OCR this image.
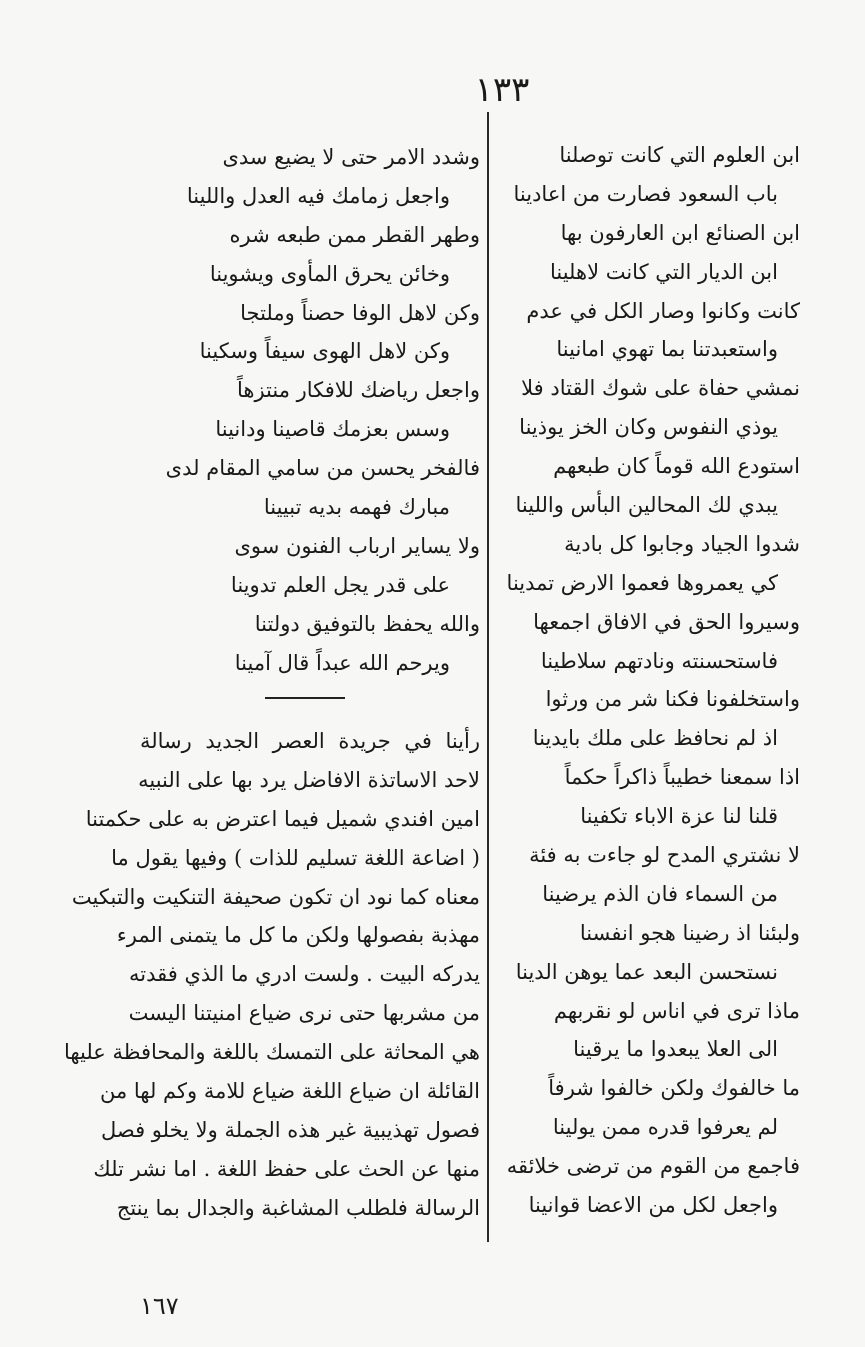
١٣٣
ابن العلوم التي كانت توصلنا
باب السعود فصارت من اعادينا
ابن الصنائع ابن العارفون بها
ابن الديار التي كانت لاهلينا
كانت وكانوا وصار الكل في عدم
واستعبدتنا بما تهوي امانينا
نمشي حفاة على شوك القتاد فلا
يوذي النفوس وكان الخز يوذينا
استودع الله قوماً كان طبعهم
يبدي لك المحالين البأس واللينا
شدوا الجياد وجابوا كل بادية
كي يعمروها فعموا الارض تمدينا
وسيروا الحق في الافاق اجمعها
فاستحسنته ونادتهم سلاطينا
واستخلفونا فكنا شر من ورثوا
اذ لم نحافظ على ملك بايدينا
اذا سمعنا خطيباً ذاكراً حكماً
قلنا لنا عزة الاباء تكفينا
لا نشتري المدح لو جاءت به فئة
من السماء فان الذم يرضينا
ولبئنا اذ رضينا هجو انفسنا
نستحسن البعد عما يوهن الدينا
ماذا ترى في اناس لو نقربهم
الى العلا يبعدوا ما يرقينا
ما خالفوك ولكن خالفوا شرفاً
لم يعرفوا قدره ممن يولينا
فاجمع من القوم من ترضى خلائقه
واجعل لكل من الاعضا قوانينا
وشدد الامر حتى لا يضيع سدى
واجعل زمامك فيه العدل واللينا
وطهر القطر ممن طبعه شره
وخائن يحرق المأوى ويشوينا
وكن لاهل الوفا حصناً وملتجا
وكن لاهل الهوى سيفاً وسكينا
واجعل رياضك للافكار منتزهاً
وسس بعزمك قاصينا ودانينا
فالفخر يحسن من سامي المقام لدى
مبارك فهمه بديه تبيينا
ولا يساير ارباب الفنون سوى
على قدر يجل العلم تدوينا
والله يحفظ بالتوفيق دولتنا
ويرحم الله عبداً قال آمينا
رأينا في جريدة العصر الجديد رسالة
لاحد الاساتذة الافاضل يرد بها على النبيه
امين افندي شميل فيما اعترض به على حكمتنا
( اضاعة اللغة تسليم للذات ) وفيها يقول ما
معناه كما نود ان تكون صحيفة التنكيت والتبكيت
مهذبة بفصولها ولكن ما كل ما يتمنى المرء
يدركه البيت . ولست ادري ما الذي فقدته
من مشربها حتى نرى ضياع امنيتنا اليست
هي المحاثة على التمسك باللغة والمحافظة عليها
القائلة ان ضياع اللغة ضياع للامة وكم لها من
فصول تهذيبية غير هذه الجملة ولا يخلو فصل
منها عن الحث على حفظ اللغة . اما نشر تلك
الرسالة فلطلب المشاغبة والجدال بما ينتج
١٦٧
